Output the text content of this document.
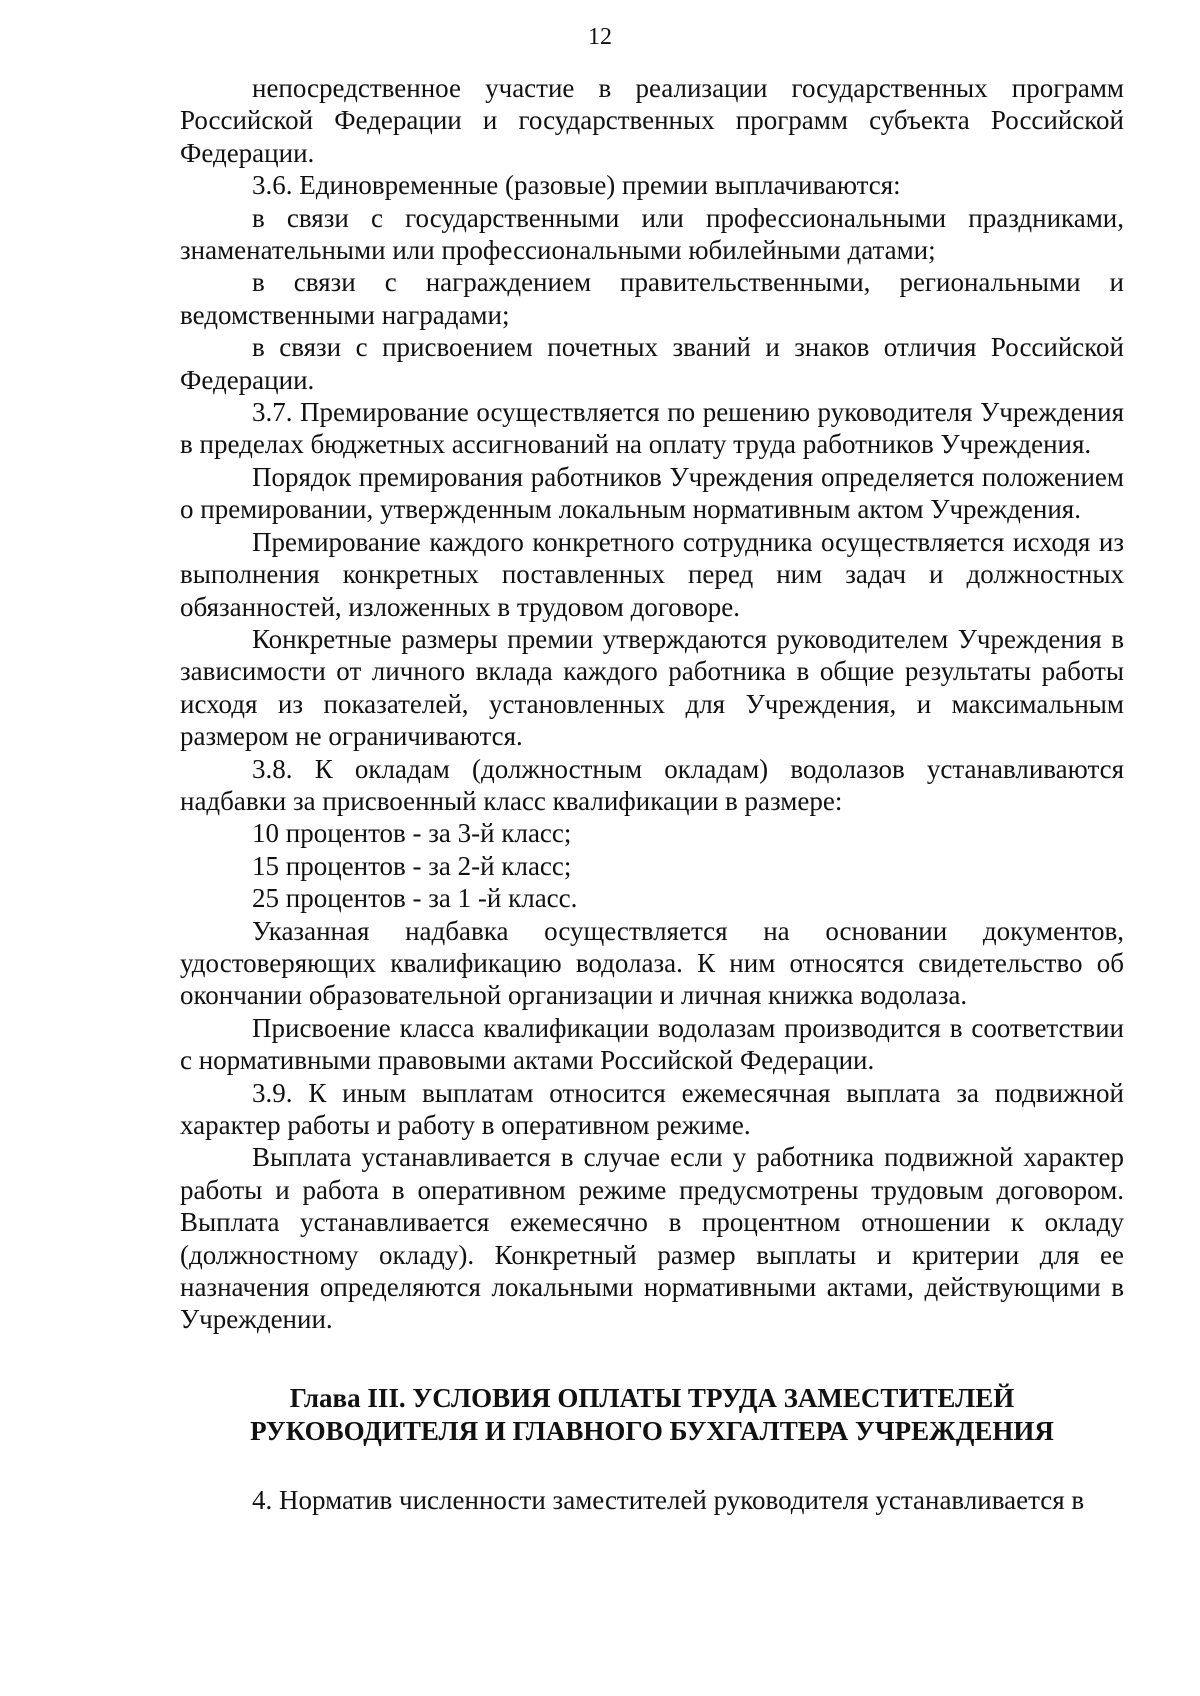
12

непосредственное участие в реализации государственных программ Российской Федерации и государственных программ субъекта Российской Федерации.

3.6. Единовременные (разовые) премии выплачиваются:

в связи с государственными или профессиональными праздниками, знаменательными или профессиональными юбилейными датами;

в связи с награждением правительственными, региональными и ведомственными наградами;

в связи с присвоением почетных званий и знаков отличия Российской Федерации.

3.7. Премирование осуществляется по решению руководителя Учреждения в пределах бюджетных ассигнований на оплату труда работников Учреждения.

Порядок премирования работников Учреждения определяется положением о премировании, утвержденным локальным нормативным актом Учреждения.

Премирование каждого конкретного сотрудника осуществляется исходя из выполнения конкретных поставленных перед ним задач и должностных обязанностей, изложенных в трудовом договоре.

Конкретные размеры премии утверждаются руководителем Учреждения в зависимости от личного вклада каждого работника в общие результаты работы исходя из показателей, установленных для Учреждения, и максимальным размером не ограничиваются.

3.8. К окладам (должностным окладам) водолазов устанавливаются надбавки за присвоенный класс квалификации в размере:

10 процентов - за 3-й класс;

15 процентов - за 2-й класс;

25 процентов - за 1 -й класс.

Указанная надбавка осуществляется на основании документов, удостоверяющих квалификацию водолаза. К ним относятся свидетельство об окончании образовательной организации и личная книжка водолаза.

Присвоение класса квалификации водолазам производится в соответствии с нормативными правовыми актами Российской Федерации.

3.9. К иным выплатам относится ежемесячная выплата за подвижной характер работы и работу в оперативном режиме.

Выплата устанавливается в случае если у работника подвижной характер работы и работа в оперативном режиме предусмотрены трудовым договором. Выплата устанавливается ежемесячно в процентном отношении к окладу (должностному окладу). Конкретный размер выплаты и критерии для ее назначения определяются локальными нормативными актами, действующими в Учреждении.

Глава III. УСЛОВИЯ ОПЛАТЫ ТРУДА ЗАМЕСТИТЕЛЕЙ
РУКОВОДИТЕЛЯ И ГЛАВНОГО БУХГАЛТЕРА УЧРЕЖДЕНИЯ

4. Норматив численности заместителей руководителя устанавливается в
